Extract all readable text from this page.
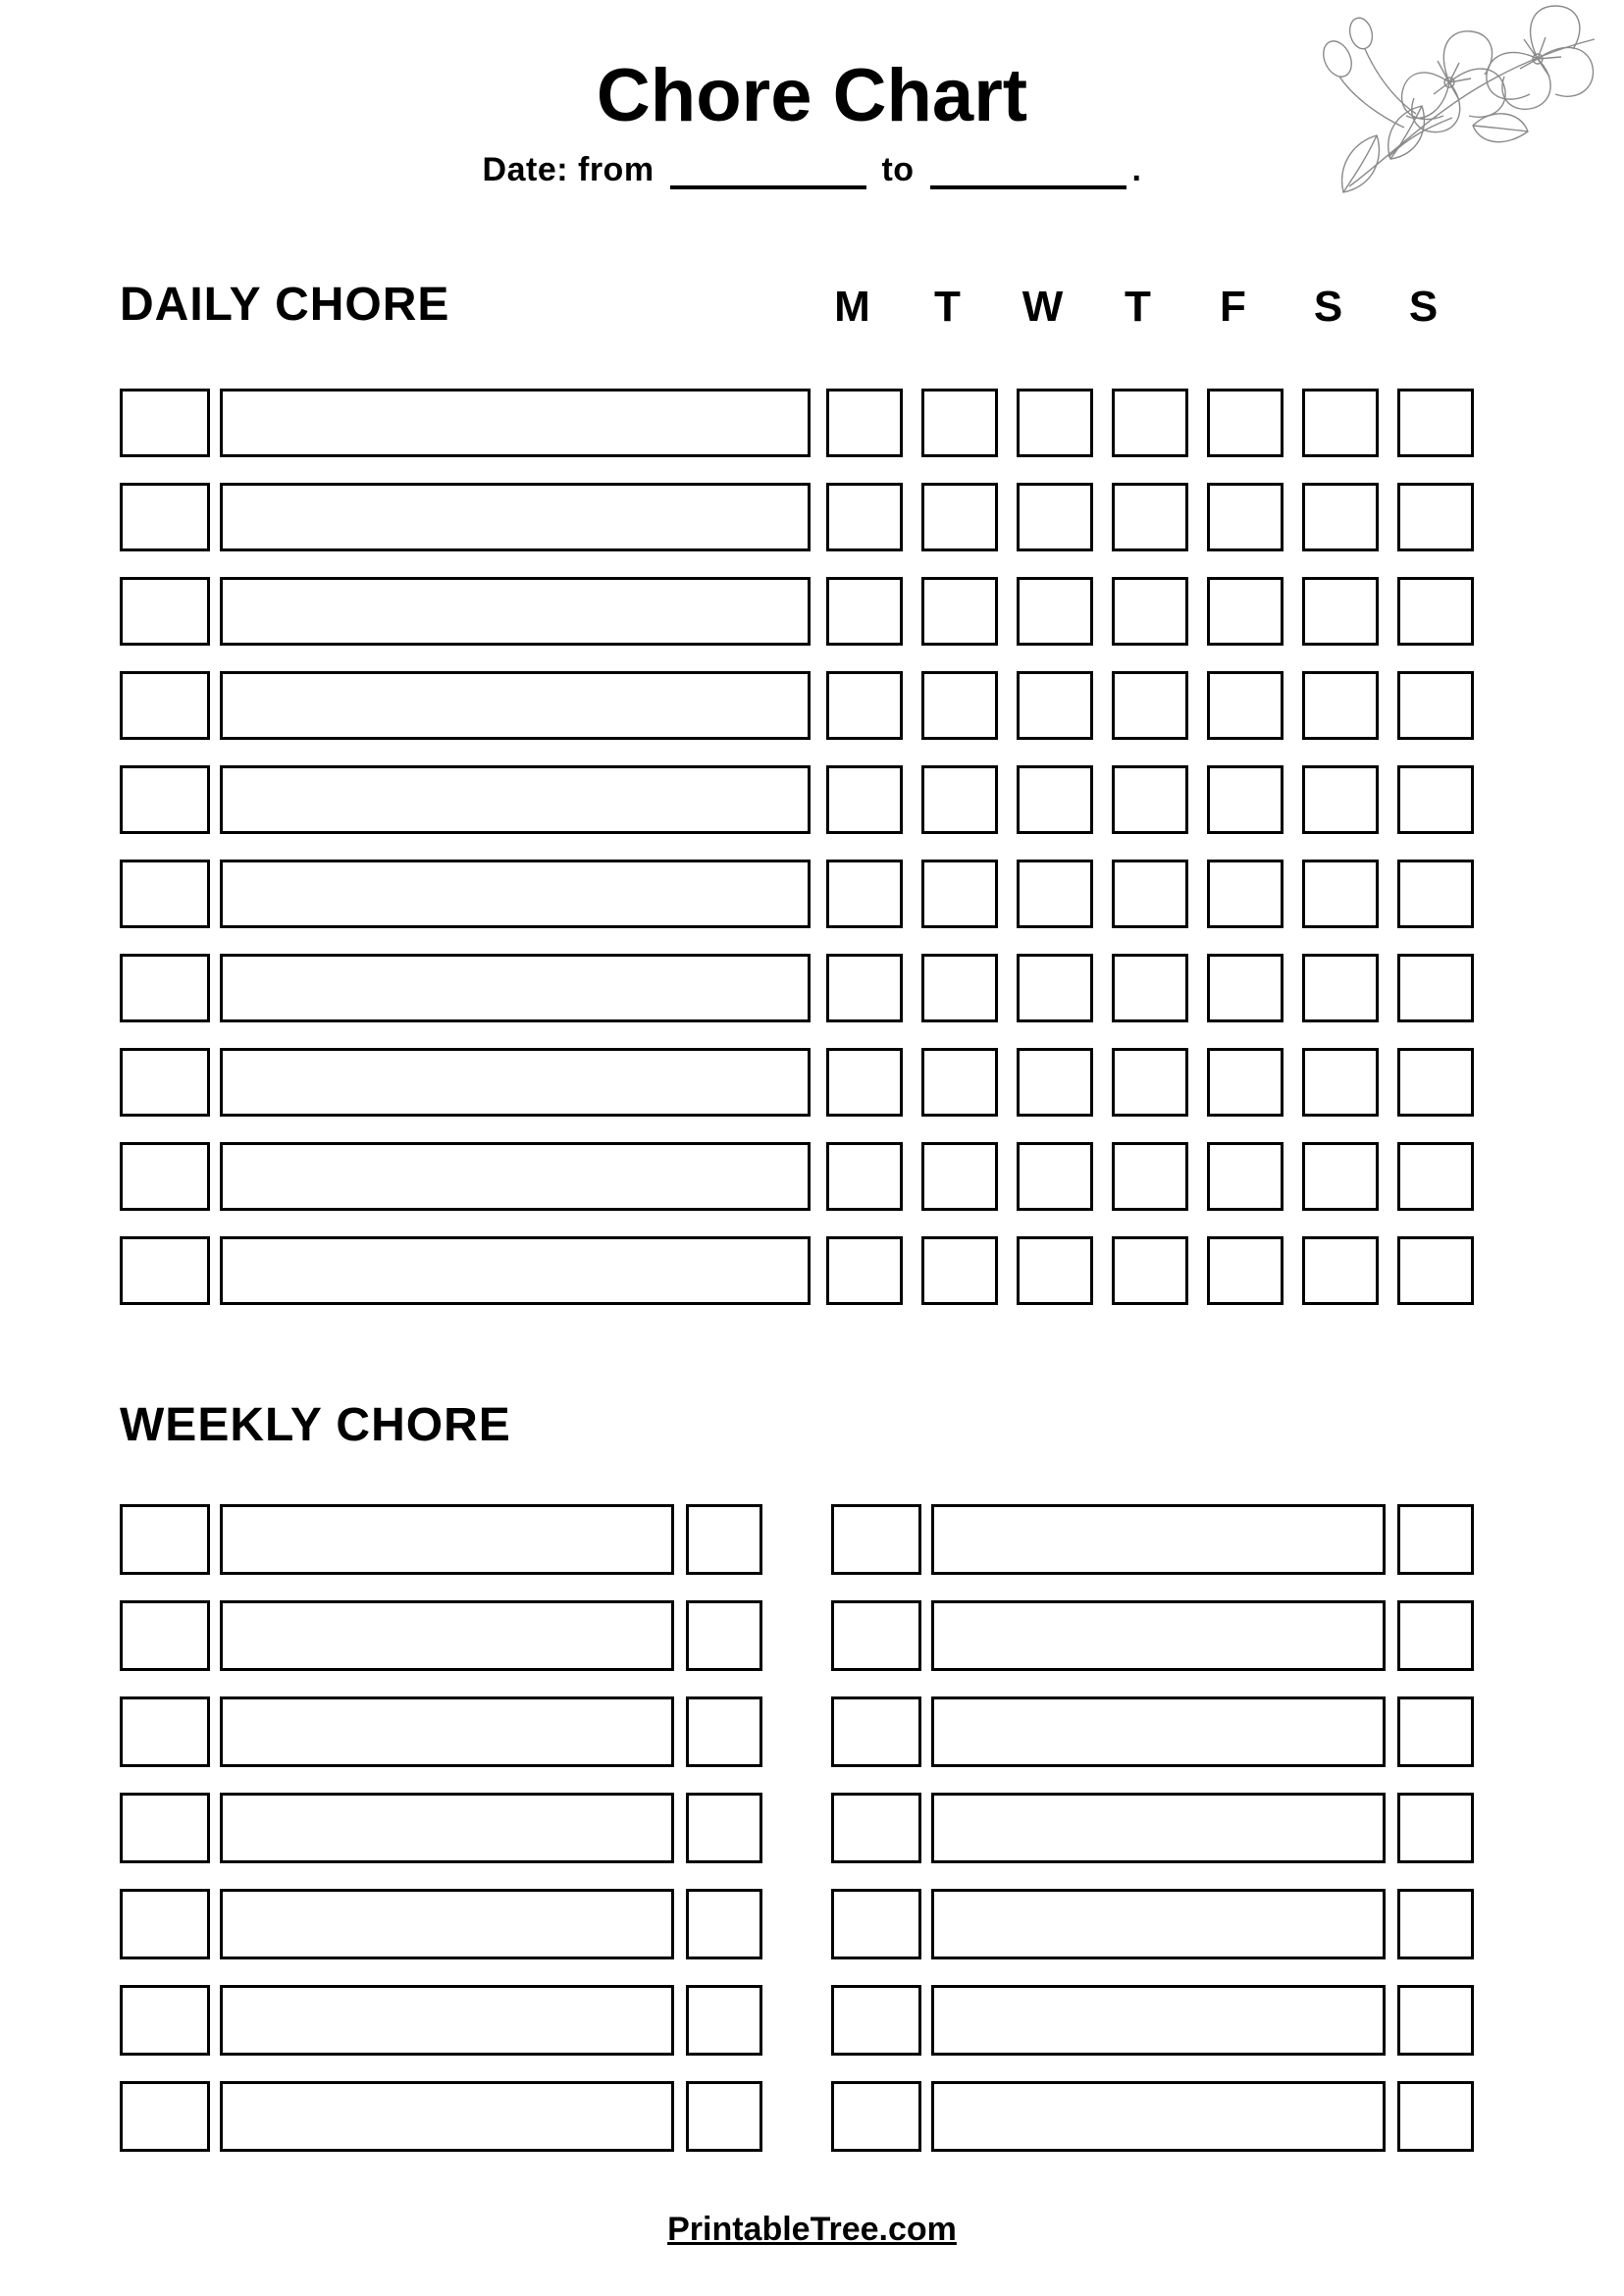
Chore Chart
Date: from	to	.
DAILY CHORE	M	T	W	T	F	S	S
WEEKLY CHORE
PrintableTree.com
